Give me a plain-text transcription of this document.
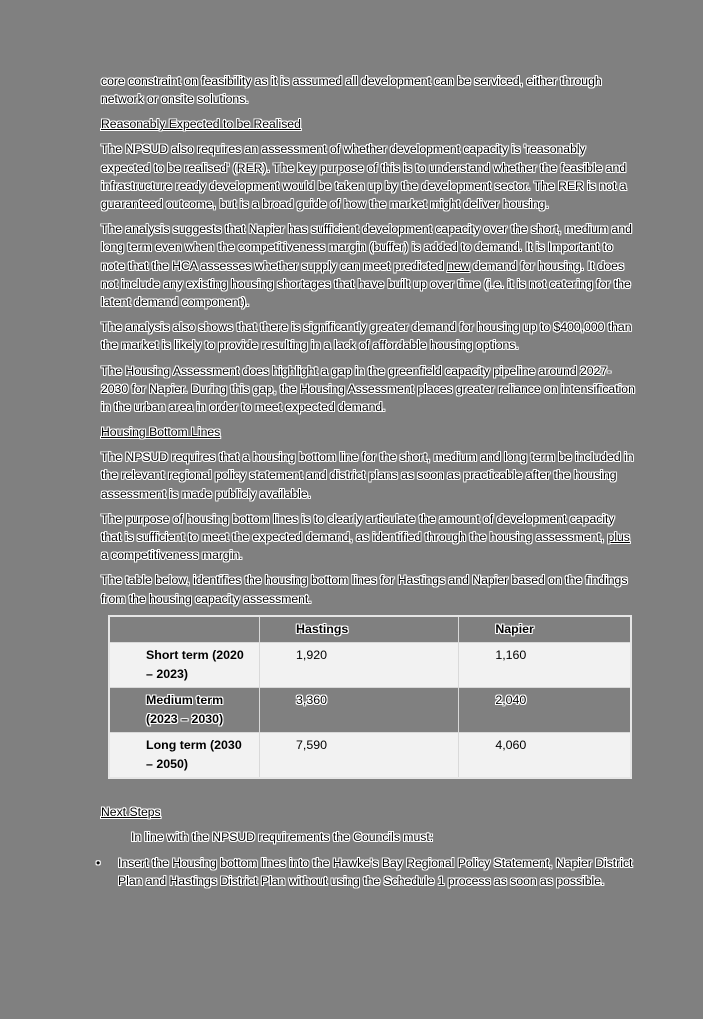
core constraint on feasibility as it is assumed all development can be serviced, either through network or onsite solutions.

Reasonably Expected to be Realised

The NPSUD also requires an assessment of whether development capacity is 'reasonably expected to be realised' (RER). The key purpose of this is to understand whether the feasible and infrastructure ready development would be taken up by the development sector. The RER is not a guaranteed outcome, but is a broad guide of how the market might deliver housing.

The analysis suggests that Napier has sufficient development capacity over the short, medium and long term even when the competitiveness margin (buffer) is added to demand. It is Important to note that the HCA assesses whether supply can meet predicted new demand for housing. It does not include any existing housing shortages that have built up over time (i.e. it is not catering for the latent demand component).

The analysis also shows that there is significantly greater demand for housing up to $400,000 than the market is likely to provide resulting in a lack of affordable housing options.

The Housing Assessment does highlight a gap in the greenfield capacity pipeline around 2027-2030 for Napier. During this gap, the Housing Assessment places greater reliance on intensification in the urban area in order to meet expected demand.

Housing Bottom Lines

The NPSUD requires that a housing bottom line for the short, medium and long term be included in the relevant regional policy statement and district plans as soon as practicable after the housing assessment is made publicly available.

The purpose of housing bottom lines is to clearly articulate the amount of development capacity that is sufficient to meet the expected demand, as identified through the housing assessment, plus a competitiveness margin.

The table below, identifies the housing bottom lines for Hastings and Napier based on the findings from the housing capacity assessment.

	Hastings	Napier
Short term (2020 – 2023)	1,920	1,160
Medium term (2023 – 2030)	3,360	2,040
Long term (2030 – 2050)	7,590	4,060
Next Steps

In line with the NPSUD requirements the Councils must:

• Insert the Housing bottom lines into the Hawke's Bay Regional Policy Statement, Napier District Plan and Hastings District Plan without using the Schedule 1 process as soon as possible.
